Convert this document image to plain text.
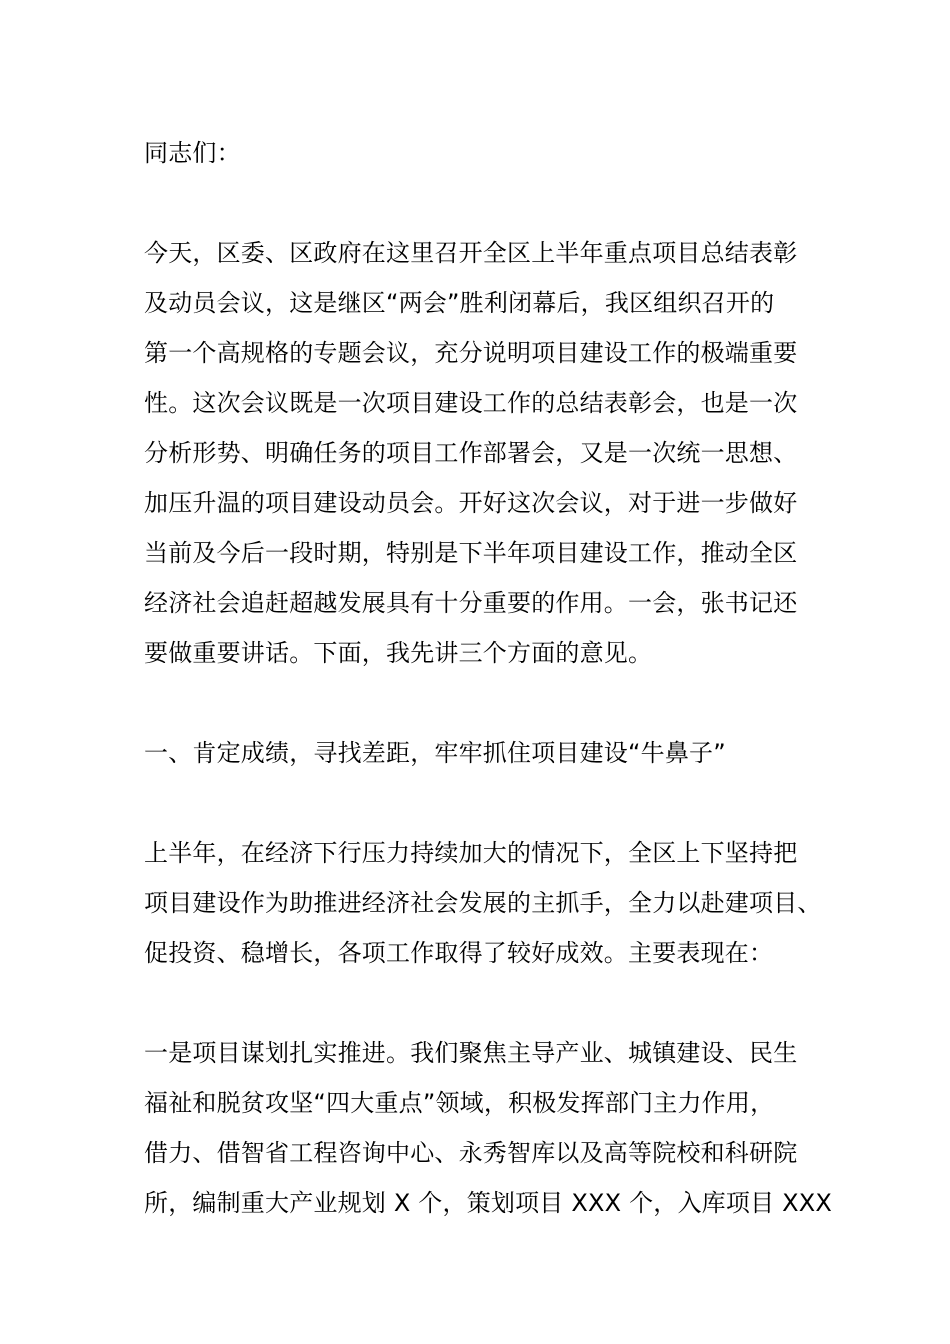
同志们：
今天，区委、区政府在这里召开全区上半年重点项目总结表彰
及动员会议，这是继区“两会”胜利闭幕后，我区组织召开的
第一个高规格的专题会议，充分说明项目建设工作的极端重要
性。这次会议既是一次项目建设工作的总结表彰会，也是一次
分析形势、明确任务的项目工作部署会，又是一次统一思想、
加压升温的项目建设动员会。开好这次会议，对于进一步做好
当前及今后一段时期，特别是下半年项目建设工作，推动全区
经济社会追赶超越发展具有十分重要的作用。一会，张书记还
要做重要讲话。下面，我先讲三个方面的意见。
一、肯定成绩，寻找差距，牢牢抓住项目建设“牛鼻子”
上半年，在经济下行压力持续加大的情况下，全区上下坚持把
项目建设作为助推进经济社会发展的主抓手，全力以赴建项目、
促投资、稳增长，各项工作取得了较好成效。主要表现在：
一是项目谋划扎实推进。我们聚焦主导产业、城镇建设、民生
福祉和脱贫攻坚“四大重点”领域，积极发挥部门主力作用，
借力、借智省工程咨询中心、永秀智库以及高等院校和科研院
所，编制重大产业规划 X 个，策划项目 XXX 个，入库项目 XXX
